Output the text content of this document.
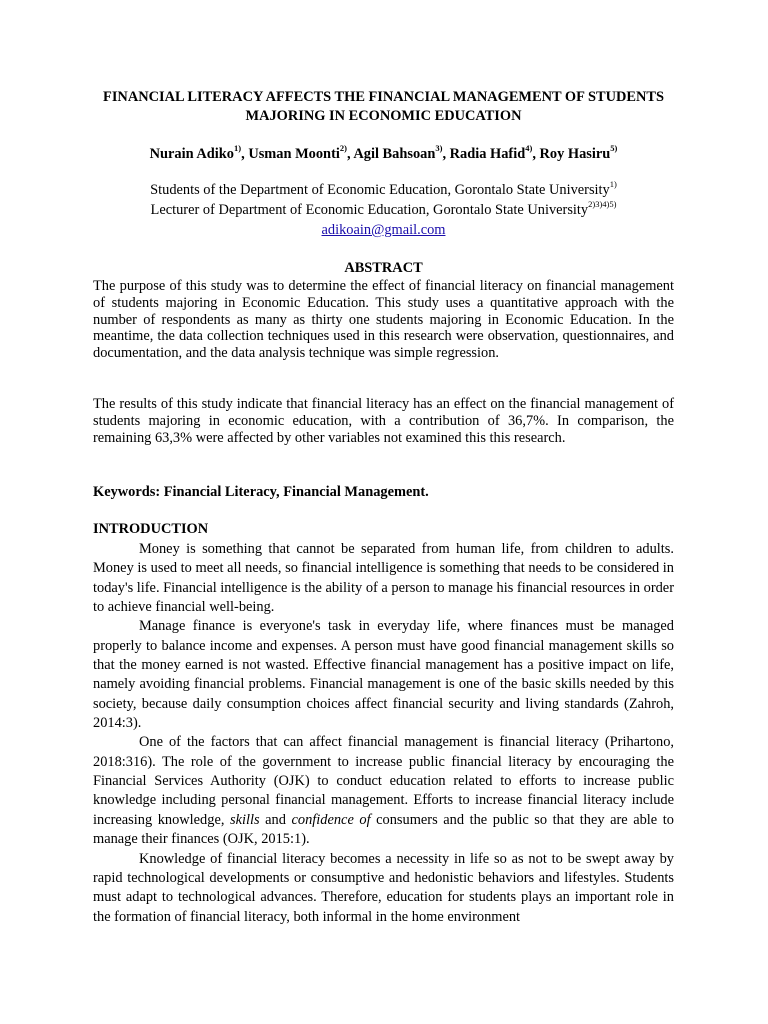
FINANCIAL LITERACY AFFECTS THE FINANCIAL MANAGEMENT OF STUDENTS MAJORING IN ECONOMIC EDUCATION
Nurain Adiko$^{1)}$, Usman Moonti$^{2)}$, Agil Bahsoan$^{3)}$, Radia Hafid$^{4)}$, Roy Hasiru$^{5)}$
Students of the Department of Economic Education, Gorontalo State University$^{1)}$
Lecturer of Department of Economic Education, Gorontalo State University$^{2)3)4)5)}$
adikoain@gmail.com
ABSTRACT
The purpose of this study was to determine the effect of financial literacy on financial management of students majoring in Economic Education. This study uses a quantitative approach with the number of respondents as many as thirty one students majoring in Economic Education. In the meantime, the data collection techniques used in this research were observation, questionnaires, and documentation, and the data analysis technique was simple regression.
The results of this study indicate that financial literacy has an effect on the financial management of students majoring in economic education, with a contribution of 36,7%. In comparison, the remaining 63,3% were affected by other variables not examined this this research.
Keywords: Financial Literacy, Financial Management.
INTRODUCTION

Money is something that cannot be separated from human life, from children to adults. Money is used to meet all needs, so financial intelligence is something that needs to be considered in today's life. Financial intelligence is the ability of a person to manage his financial resources in order to achieve financial well-being.

Manage finance is everyone's task in everyday life, where finances must be managed properly to balance income and expenses. A person must have good financial management skills so that the money earned is not wasted. Effective financial management has a positive impact on life, namely avoiding financial problems. Financial management is one of the basic skills needed by this society, because daily consumption choices affect financial security and living standards (Zahroh, 2014:3).

One of the factors that can affect financial management is financial literacy (Prihartono, 2018:316). The role of the government to increase public financial literacy by encouraging the Financial Services Authority (OJK) to conduct education related to efforts to increase public knowledge including personal financial management. Efforts to increase financial literacy include increasing knowledge, skills and confidence of consumers and the public so that they are able to manage their finances (OJK, 2015:1).

Knowledge of financial literacy becomes a necessity in life so as not to be swept away by rapid technological developments or consumptive and hedonistic behaviors and lifestyles. Students must adapt to technological advances. Therefore, education for students plays an important role in the formation of financial literacy, both informal in the home environment
